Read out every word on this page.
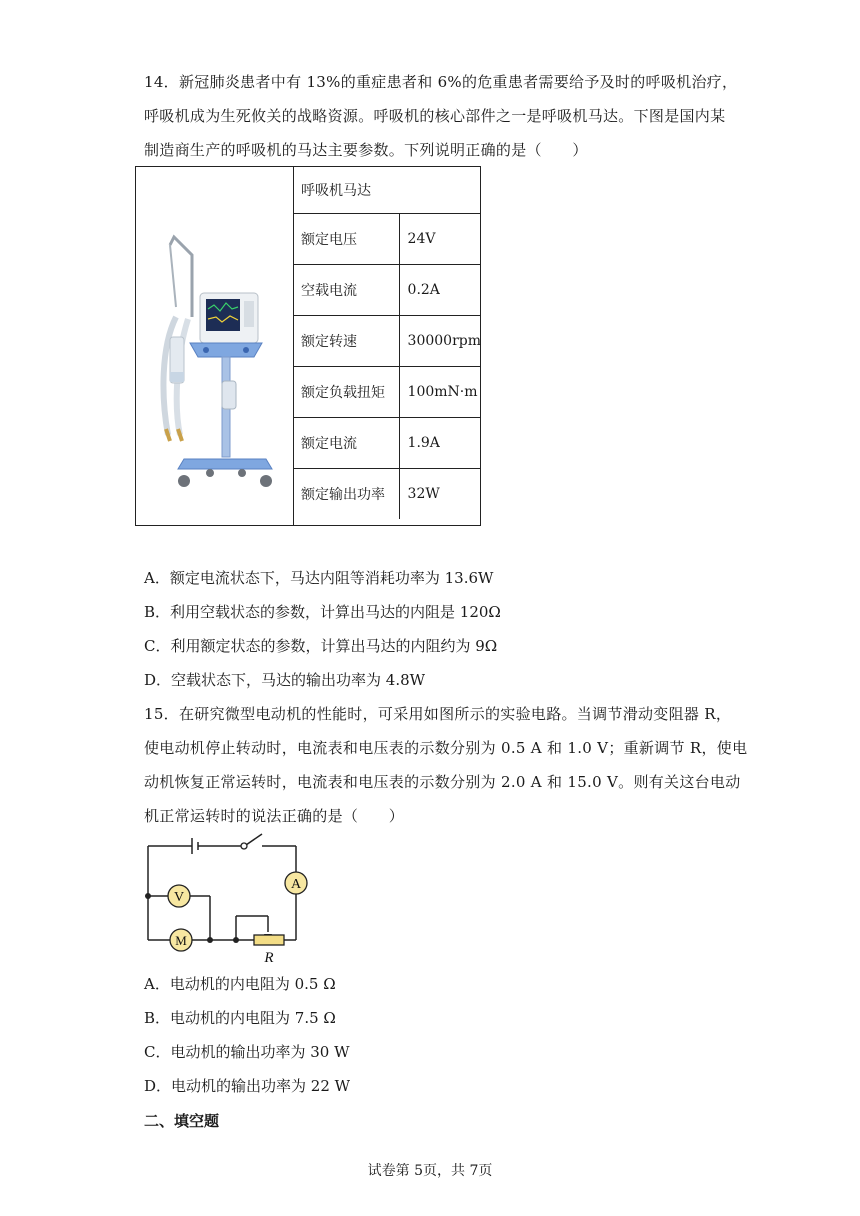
14．新冠肺炎患者中有 13%的重症患者和 6%的危重患者需要给予及时的呼吸机治疗，
呼吸机成为生死攸关的战略资源。呼吸机的核心部件之一是呼吸机马达。下图是国内某
制造商生产的呼吸机的马达主要参数。下列说明正确的是（　　）
呼吸机马达	
额定电压	24V
空载电流	0.2A
额定转速	30000rpm
额定负载扭矩	100mN·m
额定电流	1.9A
额定输出功率	32W
A．额定电流状态下，马达内阻等消耗功率为 13.6W
B．利用空载状态的参数，计算出马达的内阻是 120Ω
C．利用额定状态的参数，计算出马达的内阻约为 9Ω
D．空载状态下，马达的输出功率为 4.8W
15．在研究微型电动机的性能时，可采用如图所示的实验电路。当调节滑动变阻器 R，
使电动机停止转动时，电流表和电压表的示数分别为 0.5 A 和 1.0 V；重新调节 R，使电
动机恢复正常运转时，电流表和电压表的示数分别为 2.0 A 和 15.0 V。则有关这台电动
机正常运转时的说法正确的是（　　）
V
A
M
R
A．电动机的内电阻为 0.5 Ω
B．电动机的内电阻为 7.5 Ω
C．电动机的输出功率为 30 W
D．电动机的输出功率为 22 W
二、填空题
试卷第 5页，共 7页
